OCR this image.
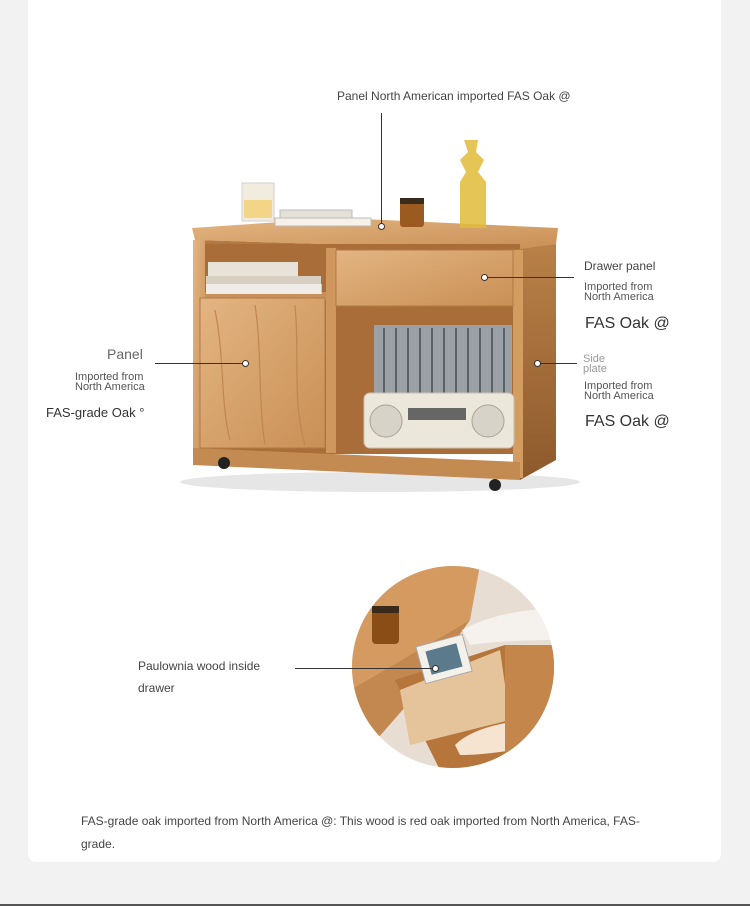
Panel North American imported FAS Oak @
Drawer panel
Imported from
North America
FAS Oak @
Side
plate
Imported from
North America
FAS Oak @
Panel
Imported from
North America
FAS-grade Oak °
Paulownia wood inside
drawer
FAS-grade oak imported from North America @: This wood is red oak imported from North America, FAS-
grade.
